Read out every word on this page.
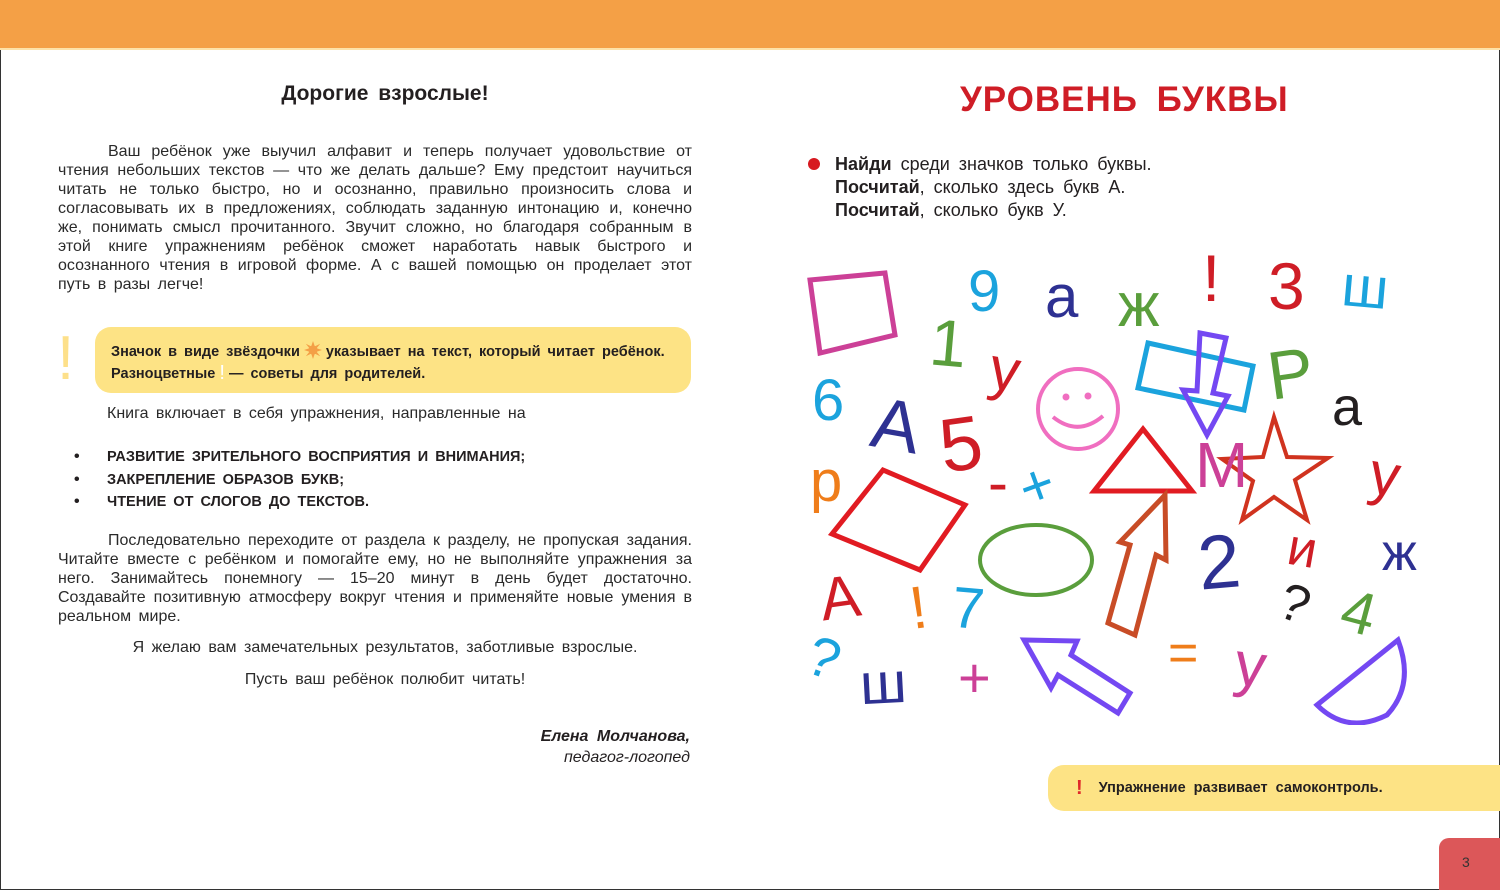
Дорогие взрослые!

Ваш ребёнок уже выучил алфавит и теперь получает удовольствие от чтения небольших текстов — что же делать дальше? Ему предстоит научиться читать не только быстро, но и осознанно, правильно произносить слова и согласовывать их в предложениях, соблюдать заданную интонацию и, конечно же, понимать смысл прочитанного. Звучит сложно, но благодаря собранным в этой книге упражнениям ребёнок сможет наработать навык быстрого и осознанного чтения в игровой форме. А с вашей помощью он проделает этот путь в разы легче!

!	Значок в виде звёздочки указывает на текст, который читает ребёнок. Разноцветные ! — советы для родителей.

Книга включает в себя упражнения, направленные на

• РАЗВИТИЕ ЗРИТЕЛЬНОГО ВОСПРИЯТИЯ И ВНИМАНИЯ;
• ЗАКРЕПЛЕНИЕ ОБРАЗОВ БУКВ;
• ЧТЕНИЕ ОТ СЛОГОВ ДО ТЕКСТОВ.

Последовательно переходите от раздела к разделу, не пропуская задания. Читайте вместе с ребёнком и помогайте ему, но не выполняйте упражнения за него. Занимайтесь понемногу — 15–20 минут в день будет достаточно. Создавайте позитивную атмосферу вокруг чтения и применяйте новые умения в реальном мире.

Я желаю вам замечательных результатов, заботливые взрослые.

Пусть ваш ребёнок полюбит читать!

Елена Молчанова,
педагог-логопед
УРОВЕНЬ БУКВЫ
Найди среди значков только буквы.
Посчитай, сколько здесь букв А.
Посчитай, сколько букв У.
9 а ж ! 3 ш
1 у	Р а
6 А 5 - + М у
р
2 и ж
А ! 7	? 4
? ш +	= у
! Упражнение развивает самоконтроль.
3
